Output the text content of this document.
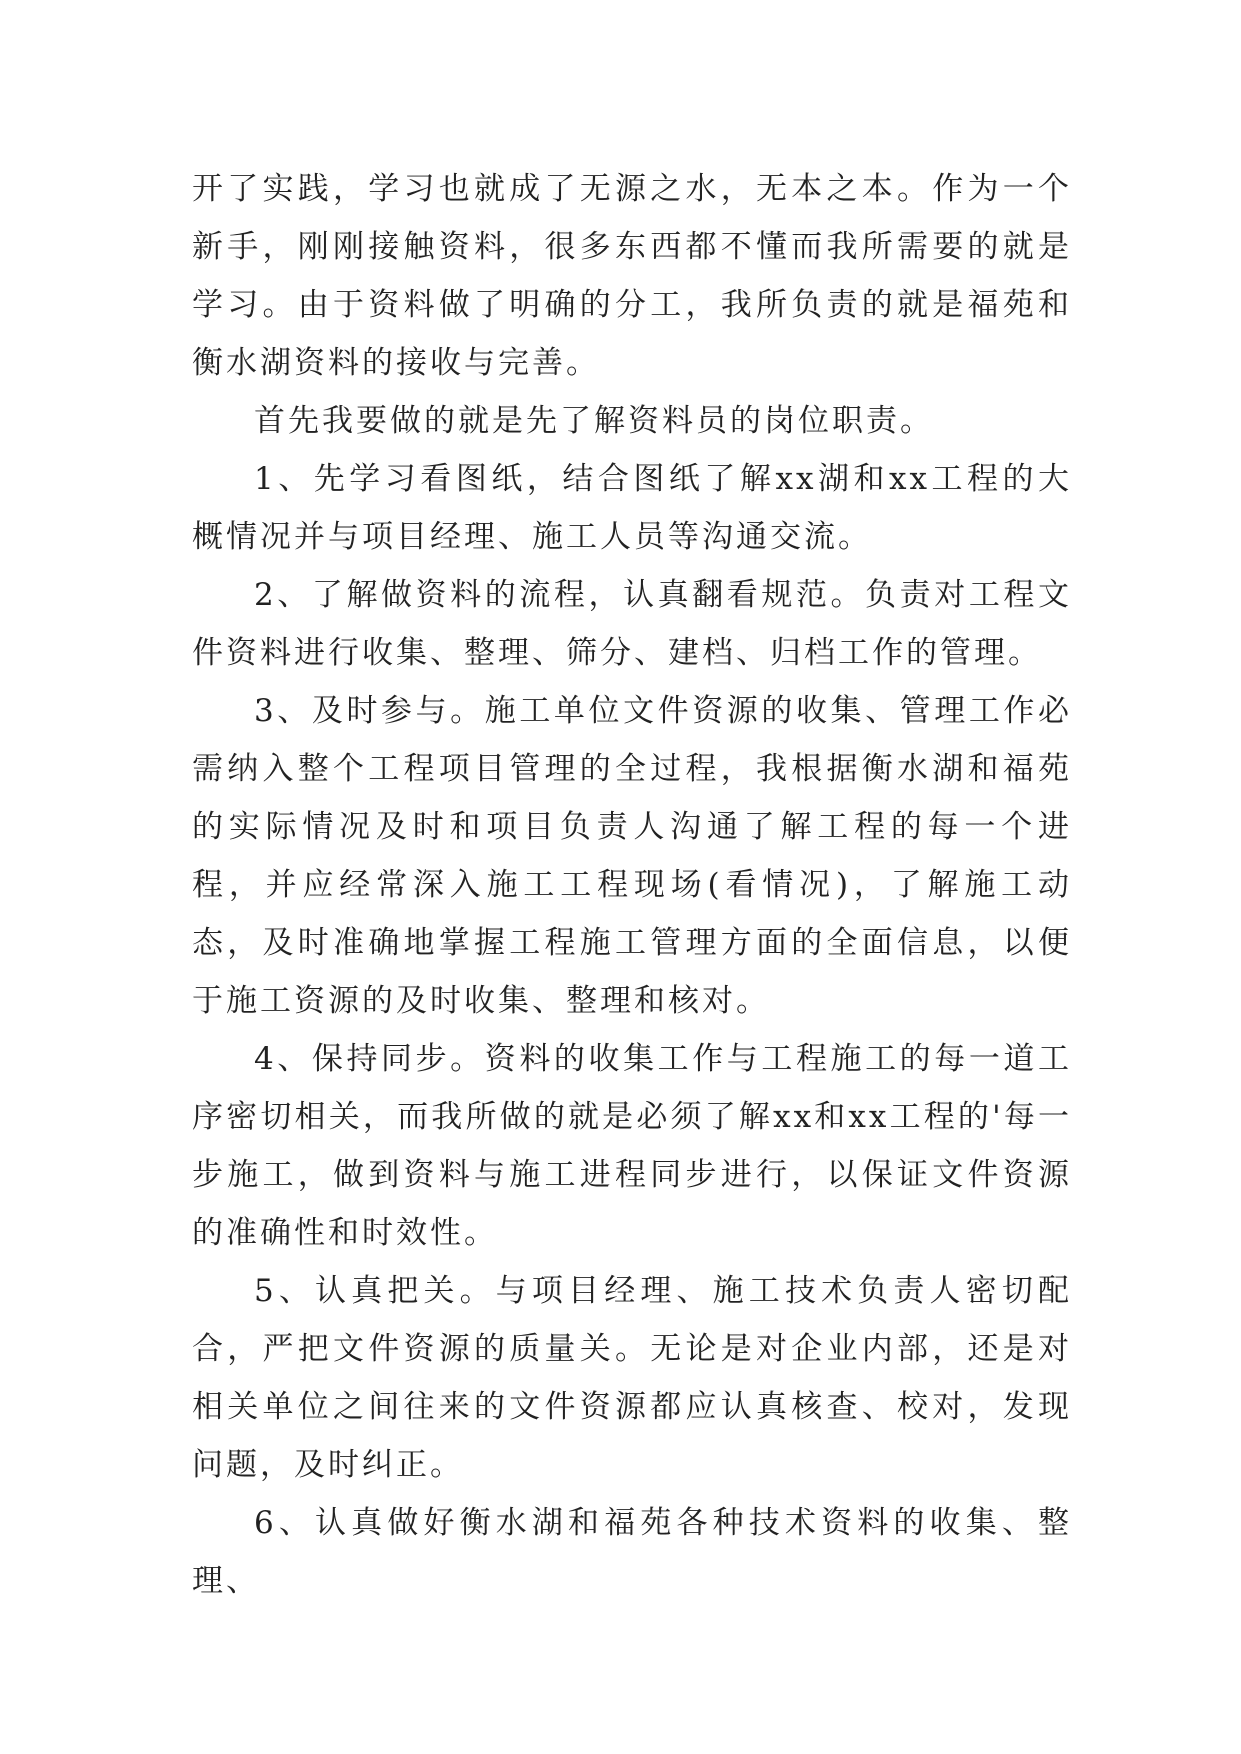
开了实践，学习也就成了无源之水，无本之本。作为一个新手，刚刚接触资料，很多东西都不懂而我所需要的就是学习。由于资料做了明确的分工，我所负责的就是福苑和衡水湖资料的接收与完善。

首先我要做的就是先了解资料员的岗位职责。

1、先学习看图纸，结合图纸了解xx湖和xx工程的大概情况并与项目经理、施工人员等沟通交流。

2、了解做资料的流程，认真翻看规范。负责对工程文件资料进行收集、整理、筛分、建档、归档工作的管理。

3、及时参与。施工单位文件资源的收集、管理工作必需纳入整个工程项目管理的全过程，我根据衡水湖和福苑的实际情况及时和项目负责人沟通了解工程的每一个进程，并应经常深入施工工程现场(看情况)，了解施工动态，及时准确地掌握工程施工管理方面的全面信息，以便于施工资源的及时收集、整理和核对。

4、保持同步。资料的收集工作与工程施工的每一道工序密切相关，而我所做的就是必须了解xx和xx工程的'每一步施工，做到资料与施工进程同步进行，以保证文件资源的准确性和时效性。

5、认真把关。与项目经理、施工技术负责人密切配合，严把文件资源的质量关。无论是对企业内部，还是对相关单位之间往来的文件资源都应认真核查、校对，发现问题，及时纠正。

6、认真做好衡水湖和福苑各种技术资料的收集、整理、
